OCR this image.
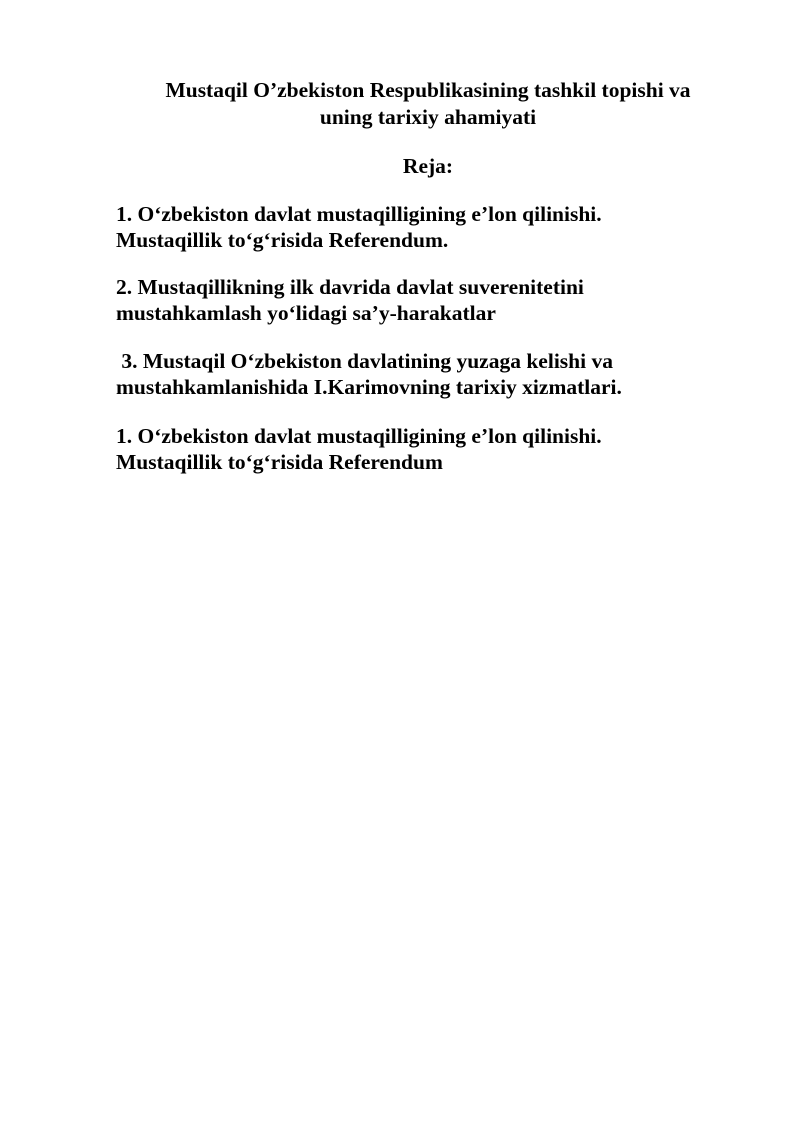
Mustaqil O’zbekiston Respublikasining tashkil topishi va
uning tarixiy ahamiyati
Reja:

1. O‘zbekiston davlat mustaqilligining e’lon qilinishi.
Mustaqillik to‘g‘risida Referendum.

2. Mustaqillikning ilk davrida davlat suverenitetini
mustahkamlash yo‘lidagi sa’y-harakatlar

3. Mustaqil O‘zbekiston davlatining yuzaga kelishi va
mustahkamlanishida I.Karimovning tarixiy xizmatlari.

1. O‘zbekiston davlat mustaqilligining e’lon qilinishi.
Mustaqillik to‘g‘risida Referendum
